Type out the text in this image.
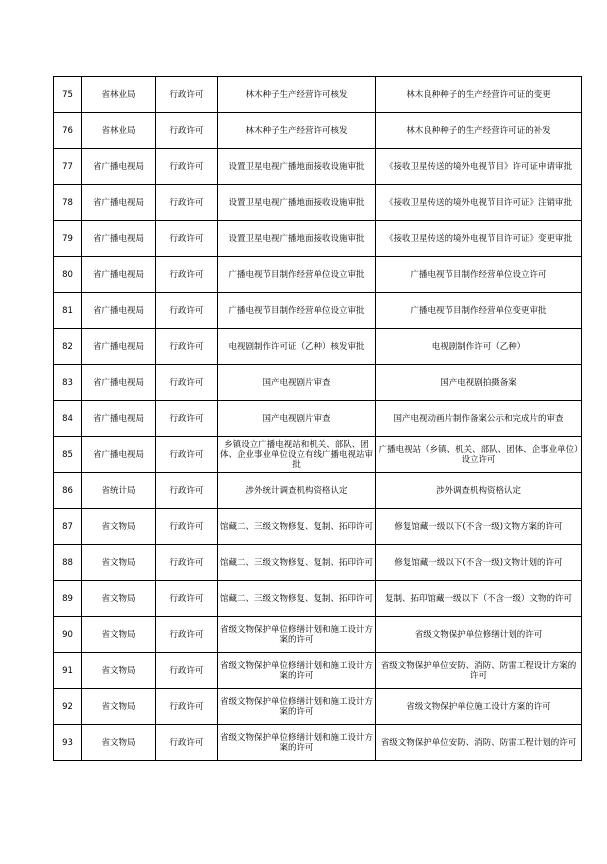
75	省林业局	行政许可	林木种子生产经营许可核发	林木良种种子的生产经营许可证的变更
76	省林业局	行政许可	林木种子生产经营许可核发	林木良种种子的生产经营许可证的补发
77	省广播电视局	行政许可	设置卫星电视广播地面接收设施审批	《接收卫星传送的境外电视节目》许可证申请审批
78	省广播电视局	行政许可	设置卫星电视广播地面接收设施审批	《接收卫星传送的境外电视节目许可证》注销审批
79	省广播电视局	行政许可	设置卫星电视广播地面接收设施审批	《接收卫星传送的境外电视节目许可证》变更审批
80	省广播电视局	行政许可	广播电视节目制作经营单位设立审批	广播电视节目制作经营单位设立许可
81	省广播电视局	行政许可	广播电视节目制作经营单位设立审批	广播电视节目制作经营单位变更审批
82	省广播电视局	行政许可	电视剧制作许可证（乙种）核发审批	电视剧制作许可（乙种）
83	省广播电视局	行政许可	国产电视剧片审查	国产电视剧拍摄备案
84	省广播电视局	行政许可	国产电视剧片审查	国产电视动画片制作备案公示和完成片的审查
85	省广播电视局	行政许可	乡镇设立广播电视站和机关、部队、团体、企业事业单位设立有线广播电视站审批	广播电视站（乡镇、机关、部队、团体、企事业单位）设立许可
86	省统计局	行政许可	涉外统计调查机构资格认定	涉外调查机构资格认定
87	省文物局	行政许可	馆藏二、三级文物修复、复制、拓印许可	修复馆藏一级以下(不含一级)文物方案的许可
88	省文物局	行政许可	馆藏二、三级文物修复、复制、拓印许可	修复馆藏一级以下(不含一级)文物计划的许可
89	省文物局	行政许可	馆藏二、三级文物修复、复制、拓印许可	复制、拓印馆藏一级以下（不含一级）文物的许可
90	省文物局	行政许可	省级文物保护单位修缮计划和施工设计方案的许可	省级文物保护单位修缮计划的许可
91	省文物局	行政许可	省级文物保护单位修缮计划和施工设计方案的许可	省级文物保护单位安防、消防、防雷工程设计方案的许可
92	省文物局	行政许可	省级文物保护单位修缮计划和施工设计方案的许可	省级文物保护单位施工设计方案的许可
93	省文物局	行政许可	省级文物保护单位修缮计划和施工设计方案的许可	省级文物保护单位安防、消防、防雷工程计划的许可
